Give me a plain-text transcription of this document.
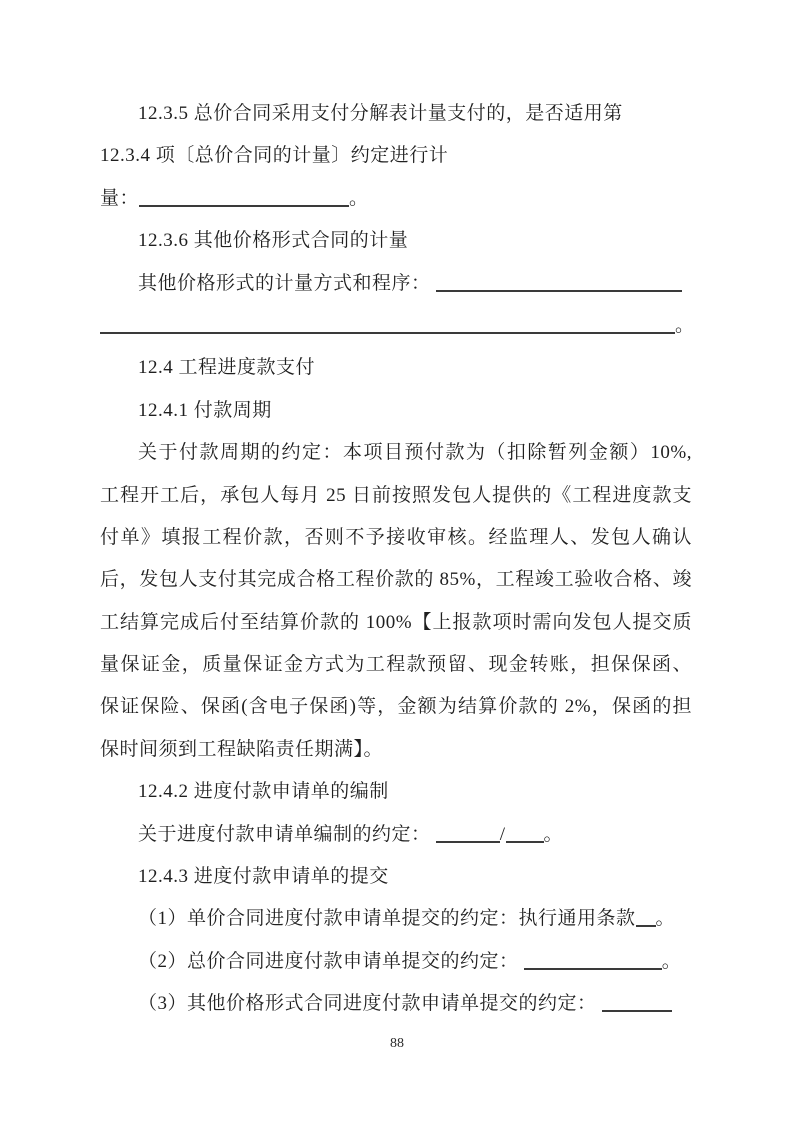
12.3.5 总价合同采用支付分解表计量支付的，是否适用第
12.3.4 项〔总价合同的计量〕约定进行计
量：	。
12.3.6 其他价格形式合同的计量
其他价格形式的计量方式和程序：
。
12.4 工程进度款支付
12.4.1 付款周期
关于付款周期的约定：本项目预付款为（扣除暂列金额）10%,
工程开工后，承包人每月 25 日前按照发包人提供的《工程进度款支
付单》填报工程价款，否则不予接收审核。经监理人、发包人确认
后，发包人支付其完成合格工程价款的 85%，工程竣工验收合格、竣
工结算完成后付至结算价款的 100%【上报款项时需向发包人提交质
量保证金，质量保证金方式为工程款预留、现金转账，担保保函、
保证保险、保函(含电子保函)等，金额为结算价款的 2%，保函的担
保时间须到工程缺陷责任期满】。
12.4.2 进度付款申请单的编制
关于进度付款申请单编制的约定：	/ 。
12.4.3 进度付款申请单的提交
（1）单价合同进度付款申请单提交的约定：执行通用条款 。
（2）总价合同进度付款申请单提交的约定：	。
（3）其他价格形式合同进度付款申请单提交的约定：
88
